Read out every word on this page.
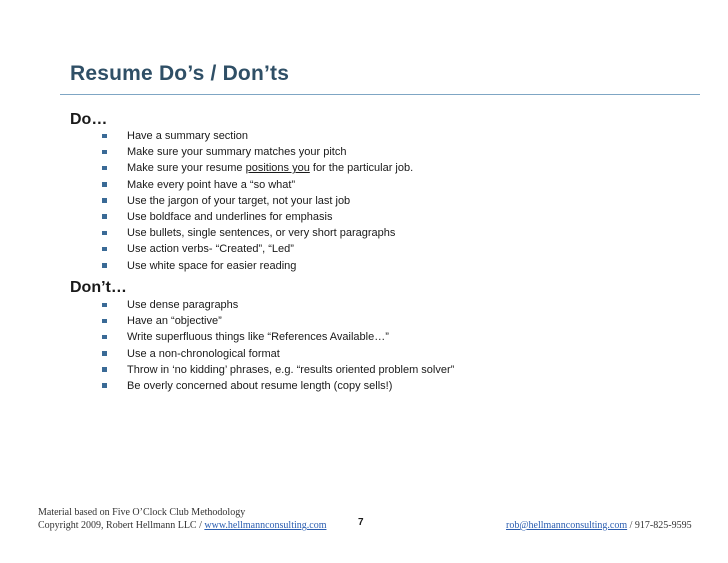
Resume Do’s / Don’ts
Do…
Have a summary section
Make sure your summary matches your pitch
Make sure your resume positions you for the particular job.
Make every point have a “so what”
Use the jargon of your target, not your last job
Use boldface and underlines for emphasis
Use bullets, single sentences, or very short paragraphs
Use action verbs- “Created”, “Led”
Use white space for easier reading
Don’t…
Use dense paragraphs
Have an “objective”
Write superfluous things like “References Available…”
Use a non-chronological format
Throw in ‘no kidding’ phrases, e.g. “results oriented problem solver”
Be overly concerned about resume length (copy sells!)
Material based on Five O’Clock Club Methodology
Copyright 2009, Robert Hellmann LLC / www.hellmannconsulting.com	7	rob@hellmannconsulting.com / 917-825-9595
